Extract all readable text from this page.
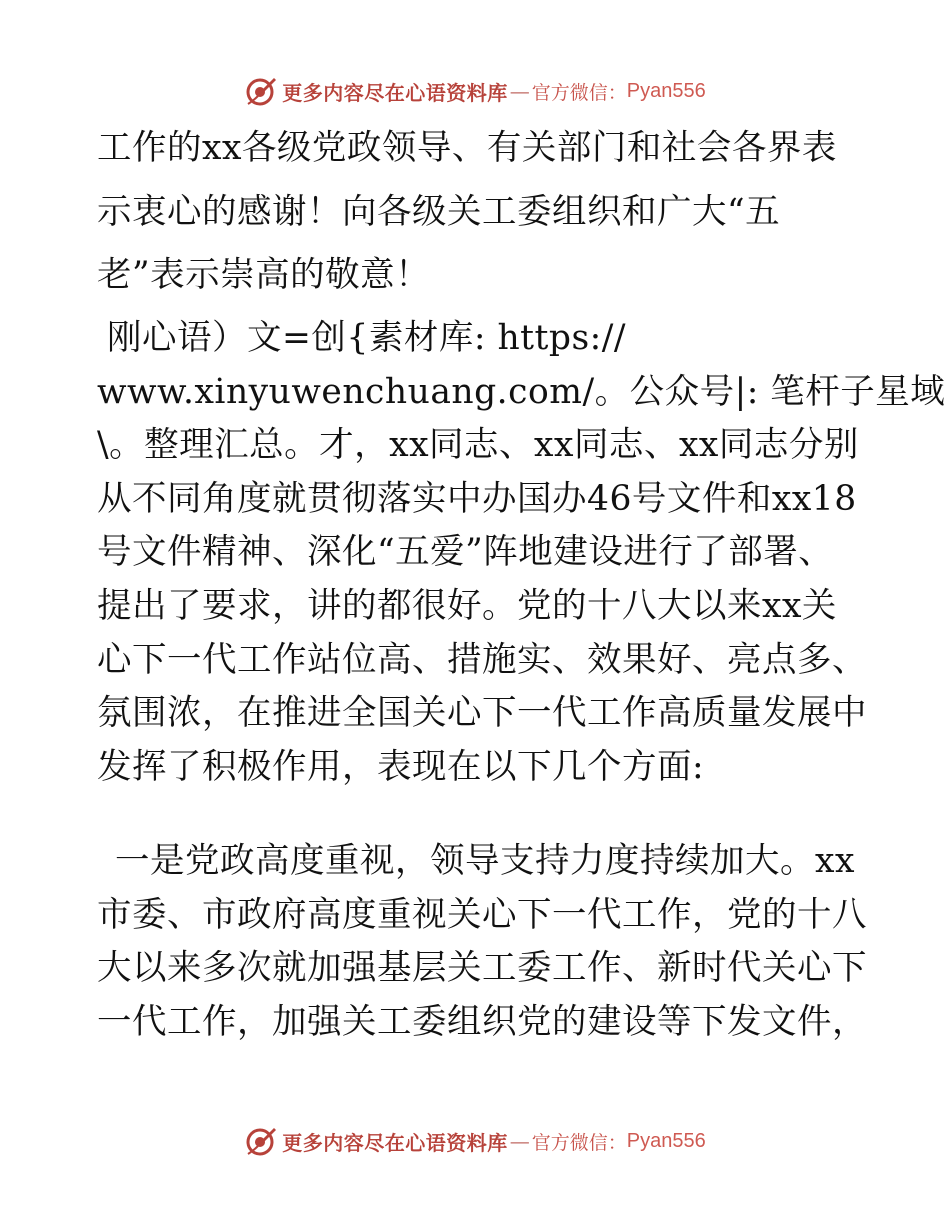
更多内容尽在心语资料库 — 官方微信： Pyan556
工作的xx各级党政领导、有关部门和社会各界表
示衷心的感谢！向各级关工委组织和广大“五
老”表示崇高的敬意！
刚心语）文=创{素材库: https://
www.xinyuwenchuang.com/。公众号|: 笔杆子星域
\。整理汇总。才，xx同志、xx同志、xx同志分别
从不同角度就贯彻落实中办国办46号文件和xx18
号文件精神、深化“五爱”阵地建设进行了部署、
提出了要求，讲的都很好。党的十八大以来xx关
心下一代工作站位高、措施实、效果好、亮点多、
氛围浓，在推进全国关心下一代工作高质量发展中
发挥了积极作用，表现在以下几个方面:
一是党政高度重视，领导支持力度持续加大。xx
市委、市政府高度重视关心下一代工作，党的十八
大以来多次就加强基层关工委工作、新时代关心下
一代工作，加强关工委组织党的建设等下发文件，
更多内容尽在心语资料库 — 官方微信： Pyan556
